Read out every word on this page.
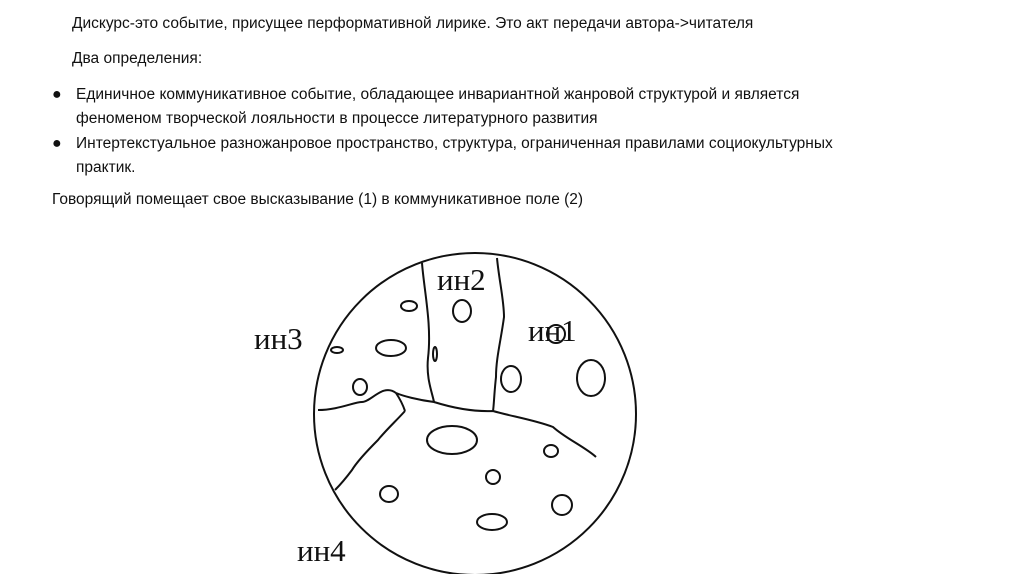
Дискурс-это событие, присущее перформативной лирике. Это акт передачи автора->читателя
Два определения:
● Единичное коммуникативное событие, обладающее инвариантной жанровой структурой и является
феноменом творческой лояльности в процессе литературного развития
● Интертекстуальное разножанровое пространство, структура, ограниченная правилами социокультурных
практик.
Говорящий помещает свое высказывание (1) в коммуникативное поле (2)
ин1
ин2
ин3
ин4
